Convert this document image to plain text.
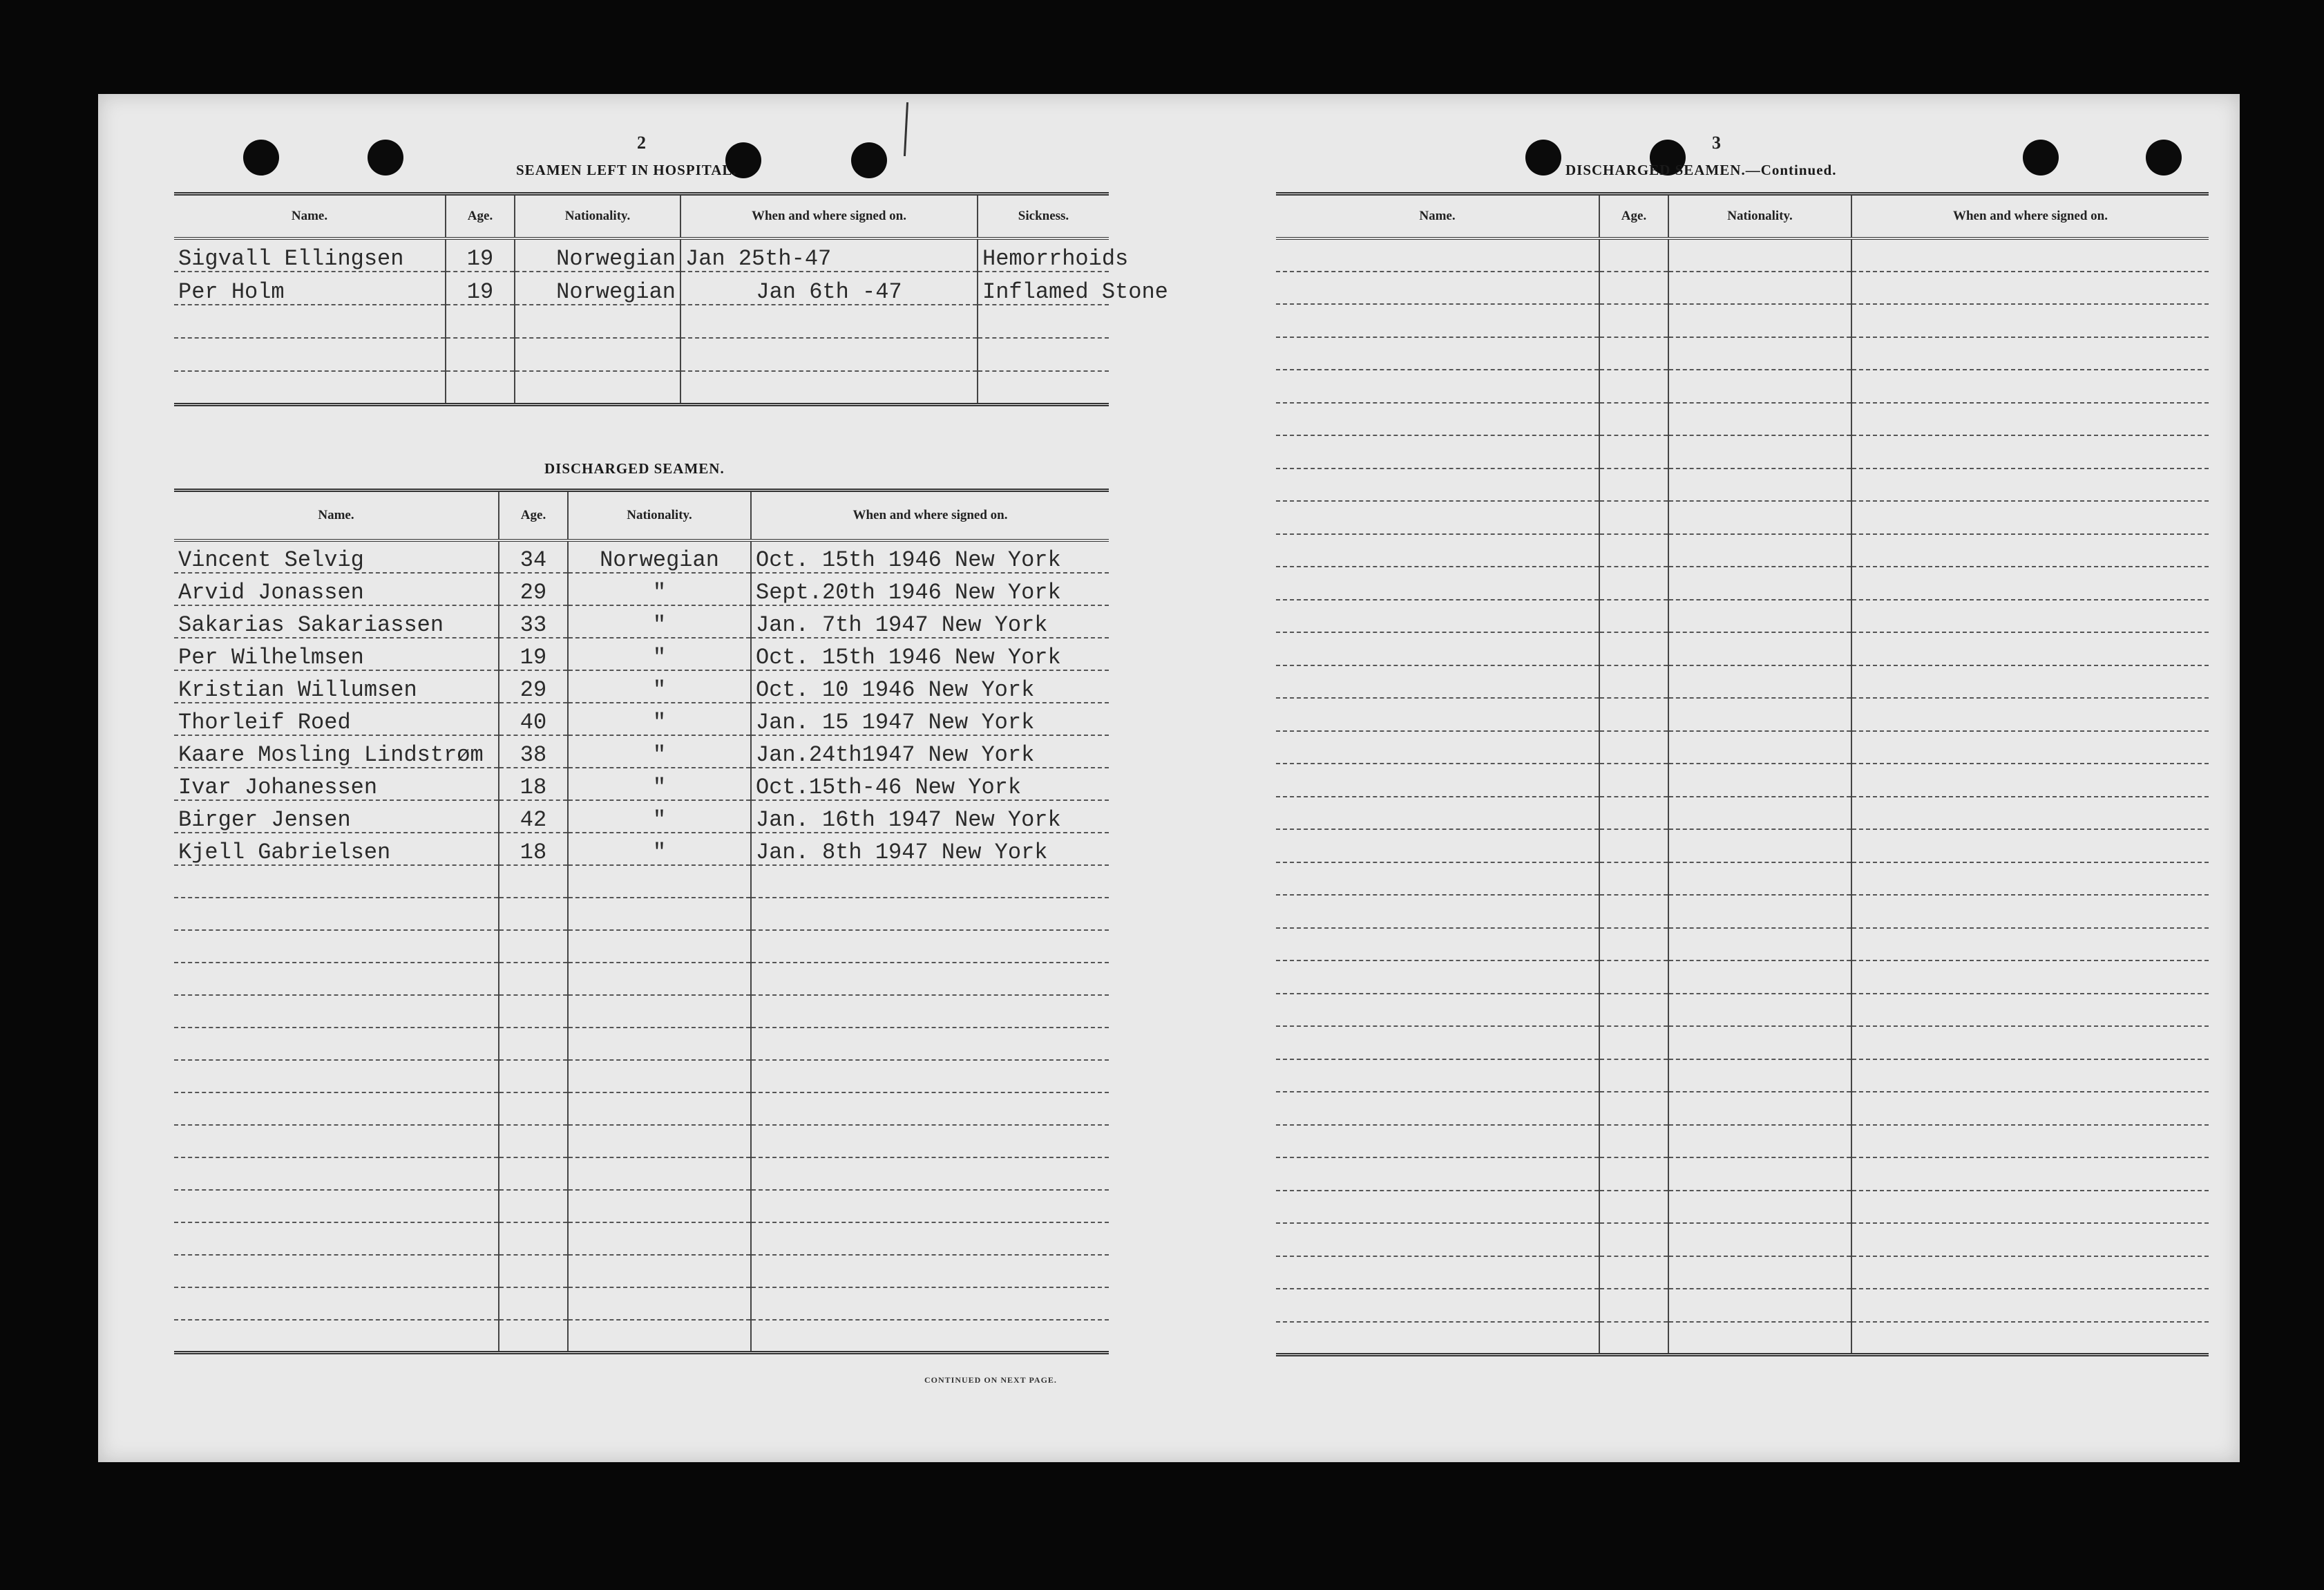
2
SEAMEN LEFT IN HOSPITAL.
Name.	Age.	Nationality.	When and where signed on.	Sickness.
Sigvall Ellingsen	19	Norwegian	Jan 25th-47	Hemorrhoids
Per Holm	19	Norwegian	Jan 6th -47	Inflamed Stone

DISCHARGED SEAMEN.
Name.	Age.	Nationality.	When and where signed on.
Vincent Selvig	34	Norwegian	Oct. 15th 1946 New York
Arvid Jonassen	29	"	Sept.20th 1946 New York
Sakarias Sakariassen	33	"	Jan. 7th 1947 New York
Per Wilhelmsen	19	"	Oct. 15th 1946 New York
Kristian Willumsen	29	"	Oct. 10 1946 New York
Thorleif Roed	40	"	Jan. 15 1947 New York
Kaare Mosling Lindstrøm	38	"	Jan.24th1947 New York
Ivar Johanessen	18	"	Oct.15th-46 New York
Birger Jensen	42	"	Jan. 16th 1947 New York
Kjell Gabrielsen	18	"	Jan. 8th 1947 New York

CONTINUED ON NEXT PAGE.
3
DISCHARGED SEAMEN.—Continued.
Name.	Age.	Nationality.	When and where signed on.
